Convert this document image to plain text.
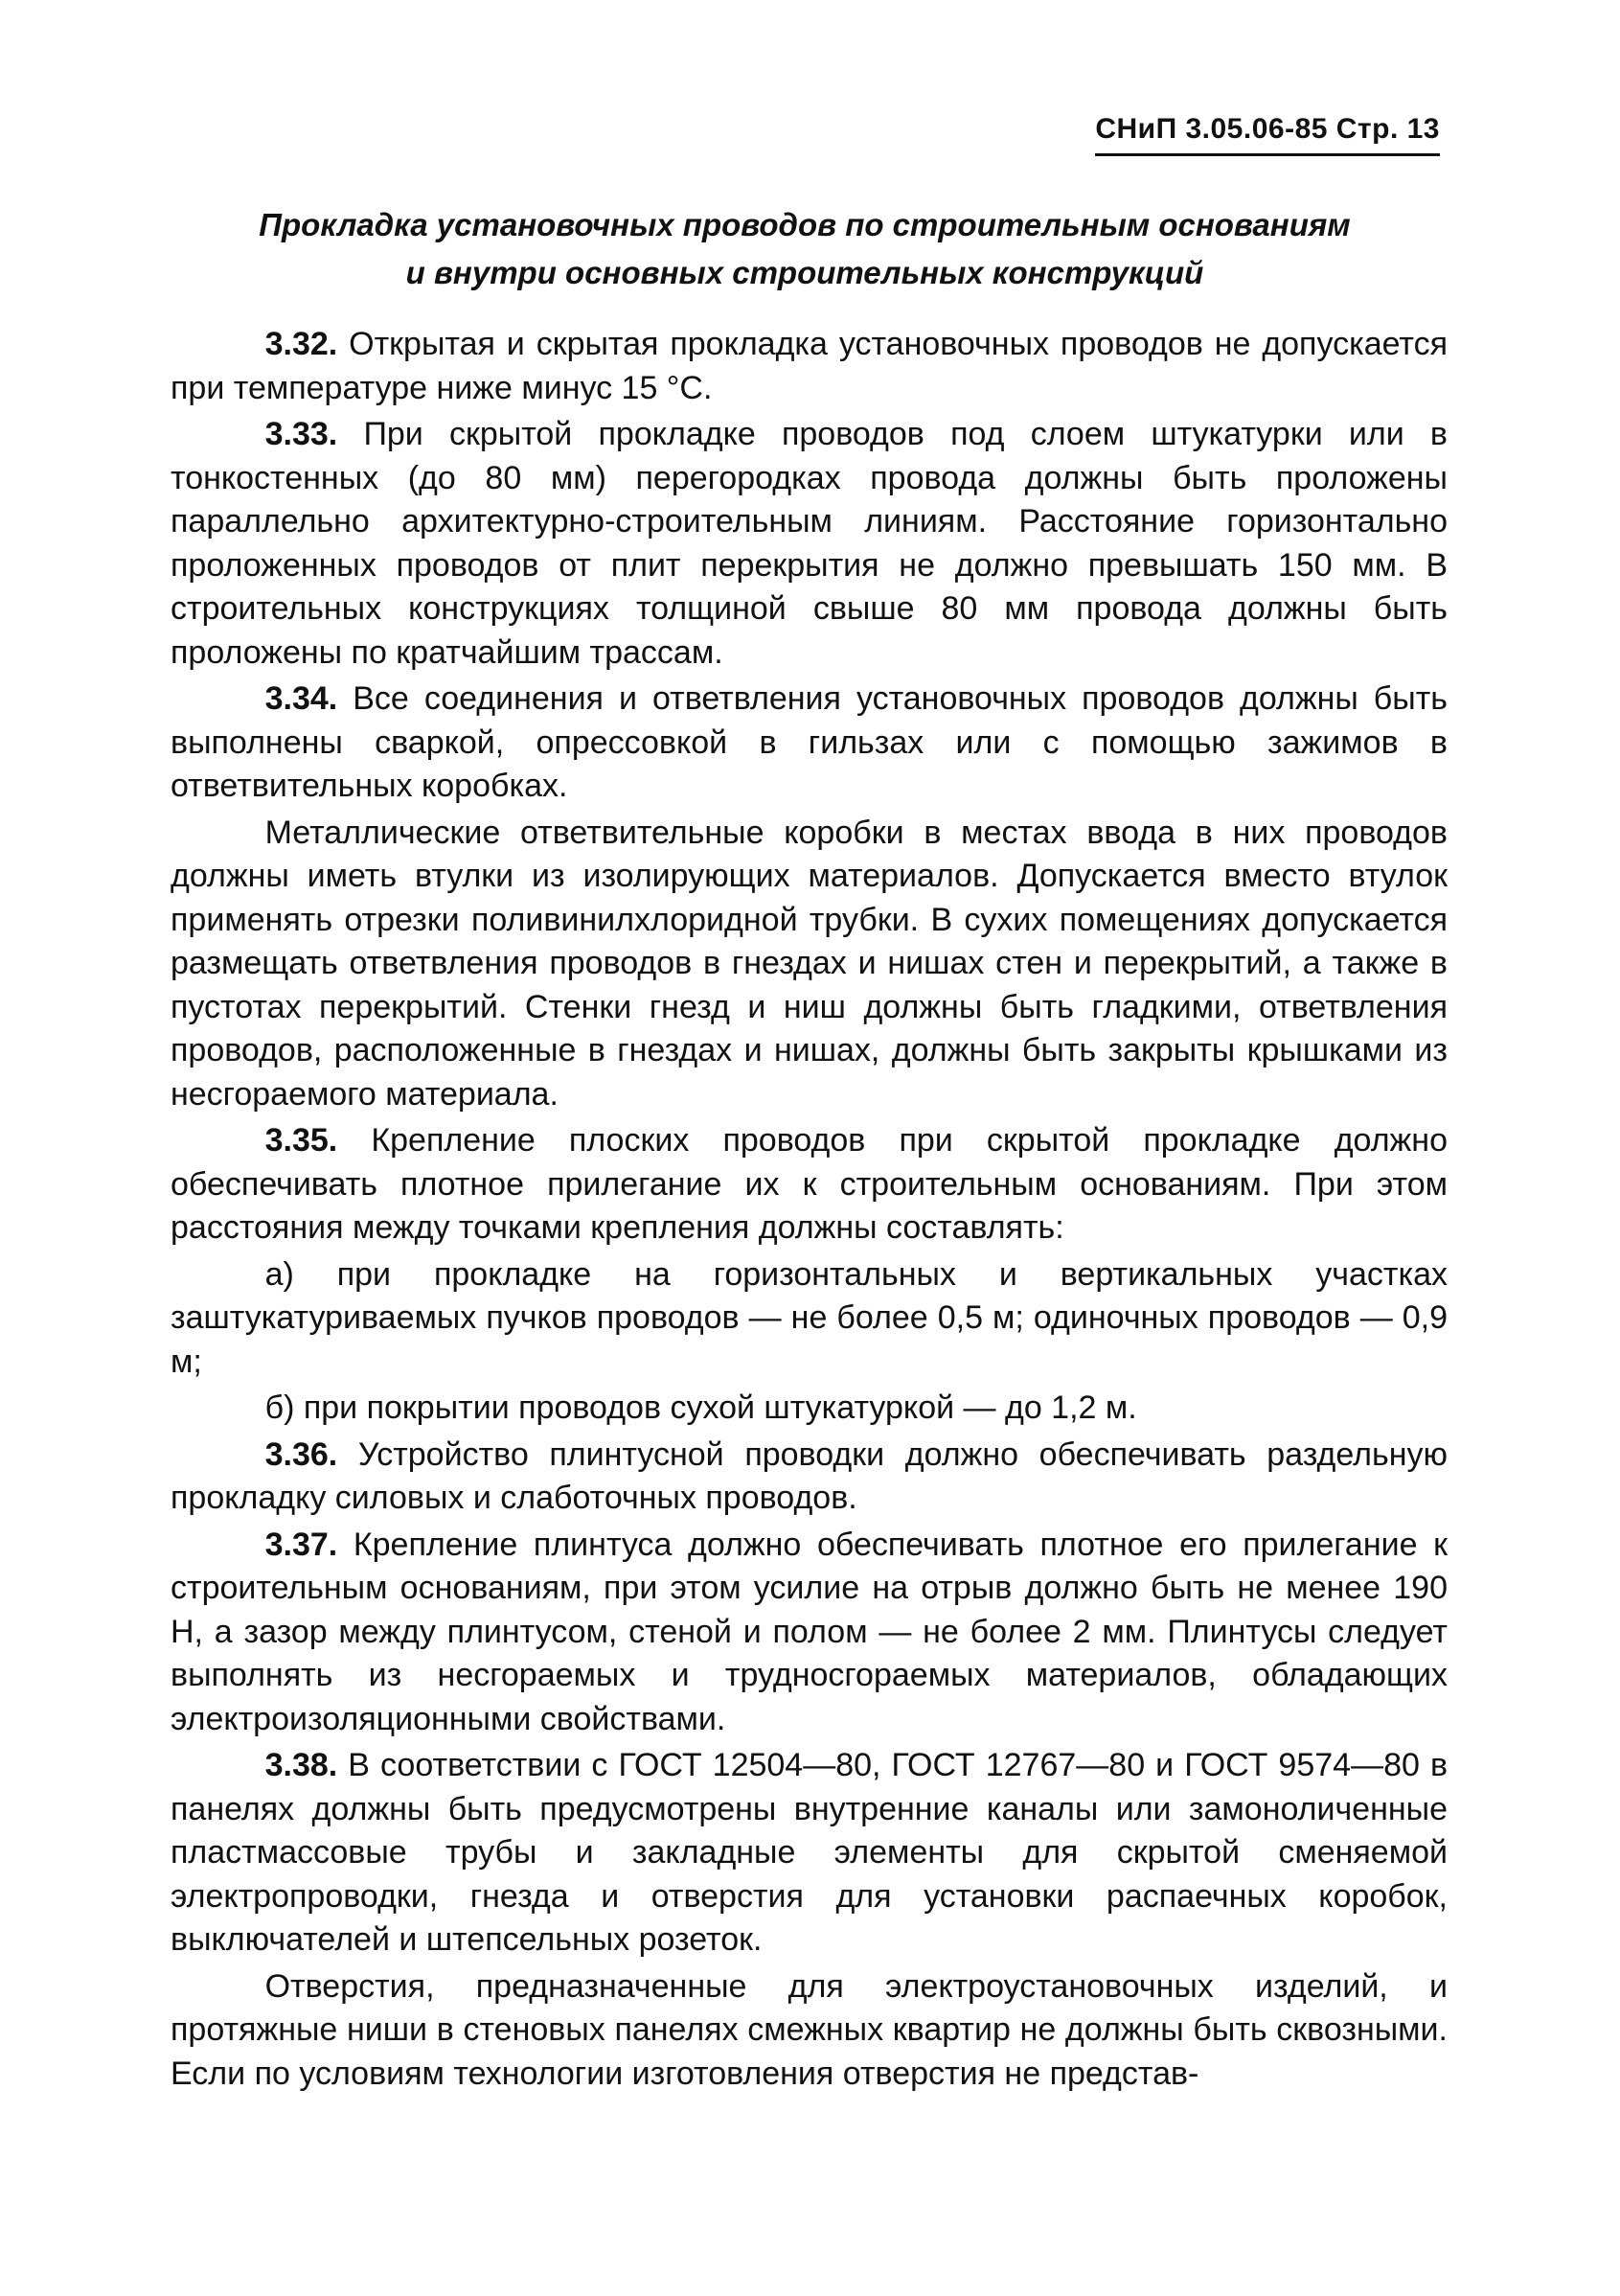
СНиП 3.05.06-85 Стр. 13
Прокладка установочных проводов по строительным основаниям
и внутри основных строительных конструкций

3.32. Открытая и скрытая прокладка установочных проводов не допускается при температуре ниже минус 15 °С.

3.33. При скрытой прокладке проводов под слоем штукатурки или в тонкостенных (до 80 мм) перегородках провода должны быть проложены параллельно архитектурно-строительным линиям. Расстояние горизонтально проложенных проводов от плит перекрытия не должно превышать 150 мм. В строительных конструкциях толщиной свыше 80 мм провода должны быть проложены по кратчайшим трассам.

3.34. Все соединения и ответвления установочных проводов должны быть выполнены сваркой, опрессовкой в гильзах или с помощью зажимов в ответвительных коробках.

Металлические ответвительные коробки в местах ввода в них проводов должны иметь втулки из изолирующих материалов. Допускается вместо втулок применять отрезки поливинилхлоридной трубки. В сухих помещениях допускается размещать ответвления проводов в гнездах и нишах стен и перекрытий, а также в пустотах перекрытий. Стенки гнезд и ниш должны быть гладкими, ответвления проводов, расположенные в гнездах и нишах, должны быть закрыты крышками из несгораемого материала.

3.35. Крепление плоских проводов при скрытой прокладке должно обеспечивать плотное прилегание их к строительным основаниям. При этом расстояния между точками крепления должны составлять:

а) при прокладке на горизонтальных и вертикальных участках заштукатуриваемых пучков проводов — не более 0,5 м; одиночных проводов — 0,9 м;

б) при покрытии проводов сухой штукатуркой — до 1,2 м.

3.36. Устройство плинтусной проводки должно обеспечивать раздельную прокладку силовых и слаботочных проводов.

3.37. Крепление плинтуса должно обеспечивать плотное его прилегание к строительным основаниям, при этом усилие на отрыв должно быть не менее 190 Н, а зазор между плинтусом, стеной и полом — не более 2 мм. Плинтусы следует выполнять из несгораемых и трудносгораемых материалов, обладающих электроизоляционными свойствами.

3.38. В соответствии с ГОСТ 12504—80, ГОСТ 12767—80 и ГОСТ 9574—80 в панелях должны быть предусмотрены внутренние каналы или замоноличенные пластмассовые трубы и закладные элементы для скрытой сменяемой электропроводки, гнезда и отверстия для установки распаечных коробок, выключателей и штепсельных розеток.

Отверстия, предназначенные для электроустановочных изделий, и протяжные ниши в стеновых панелях смежных квартир не должны быть сквозными. Если по условиям технологии изготовления отверстия не представ-
